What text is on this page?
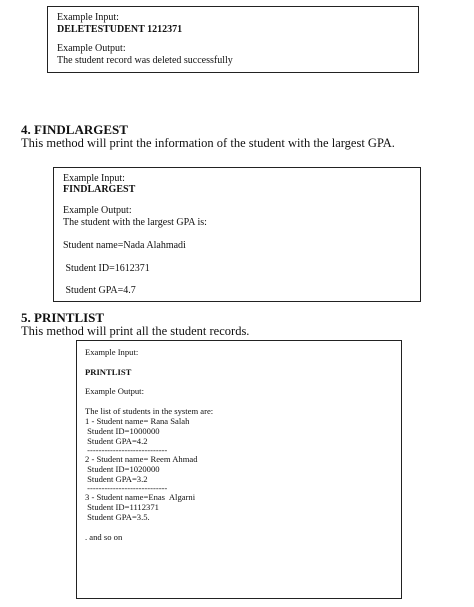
Example Input:
DELETESTUDENT 1212371
Example Output:
The student record was deleted successfully
4. FINDLARGEST
This method will print the information of the student with the largest GPA.
Example Input:
FINDLARGEST
Example Output:
The student with the largest GPA is:
Student name=Nada Alahmadi
Student ID=1612371
Student GPA=4.7
5. PRINTLIST
This method will print all the student records.
Example Input:
PRINTLIST
Example Output:
The list of students in the system are:
1 - Student name= Rana Salah
Student ID=1000000
Student GPA=4.2
----------------------------
2 - Student name= Reem Ahmad
Student ID=1020000
Student GPA=3.2
----------------------------
3 - Student name=Enas  Algarni
Student ID=1112371
Student GPA=3.5.
. and so on
